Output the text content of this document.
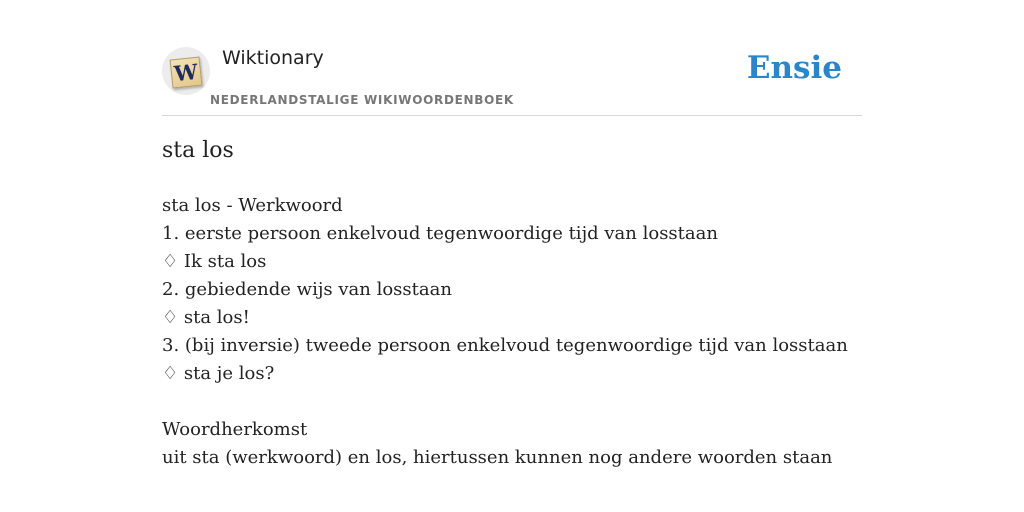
W
Wiktionary
NEDERLANDSTALIGE WIKIWOORDENBOEK
Ensie
sta los
sta los - Werkwoord
1. eerste persoon enkelvoud tegenwoordige tijd van losstaan
♢ Ik sta los
2. gebiedende wijs van losstaan
♢ sta los!
3. (bij inversie) tweede persoon enkelvoud tegenwoordige tijd van losstaan
♢ sta je los?
Woordherkomst
uit sta (werkwoord) en los, hiertussen kunnen nog andere woorden staan
